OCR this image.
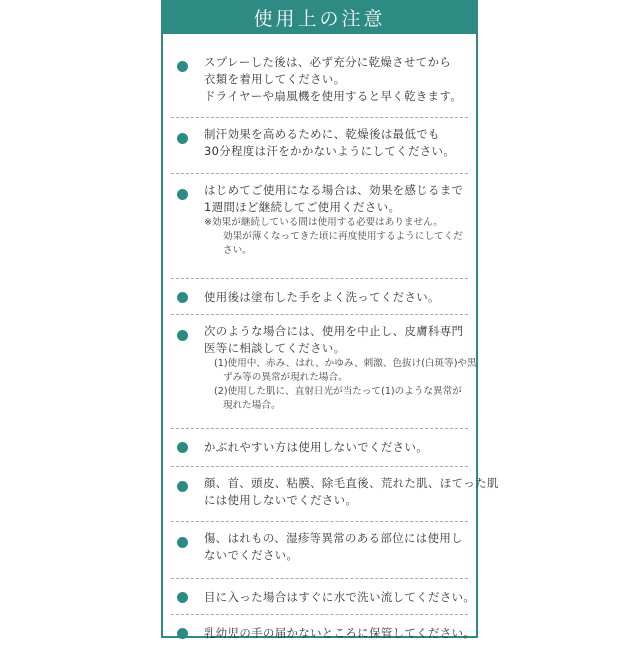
使用上の注意
スプレーした後は、必ず充分に乾燥させてから
衣類を着用してください。
ドライヤーや扇風機を使用すると早く乾きます。
制汗効果を高めるために、乾燥後は最低でも
30分程度は汗をかかないようにしてください。
はじめてご使用になる場合は、効果を感じるまで
1週間ほど継続してご使用ください。
※効果が継続している間は使用する必要はありません。
効果が薄くなってきた頃に再度使用するようにしてくだ
さい。
使用後は塗布した手をよく洗ってください。
次のような場合には、使用を中止し、皮膚科専門
医等に相談してください。
(1)使用中、赤み、はれ、かゆみ、刺激、色抜け(白斑等)や黒
ずみ等の異常が現れた場合。
(2)使用した肌に、直射日光が当たって(1)のような異常が
現れた場合。
かぶれやすい方は使用しないでください。
顔、首、頭皮、粘膜、除毛直後、荒れた肌、ほてった肌
には使用しないでください。
傷、はれもの、湿疹等異常のある部位には使用し
ないでください。
目に入った場合はすぐに水で洗い流してください。
乳幼児の手の届かないところに保管してください。
